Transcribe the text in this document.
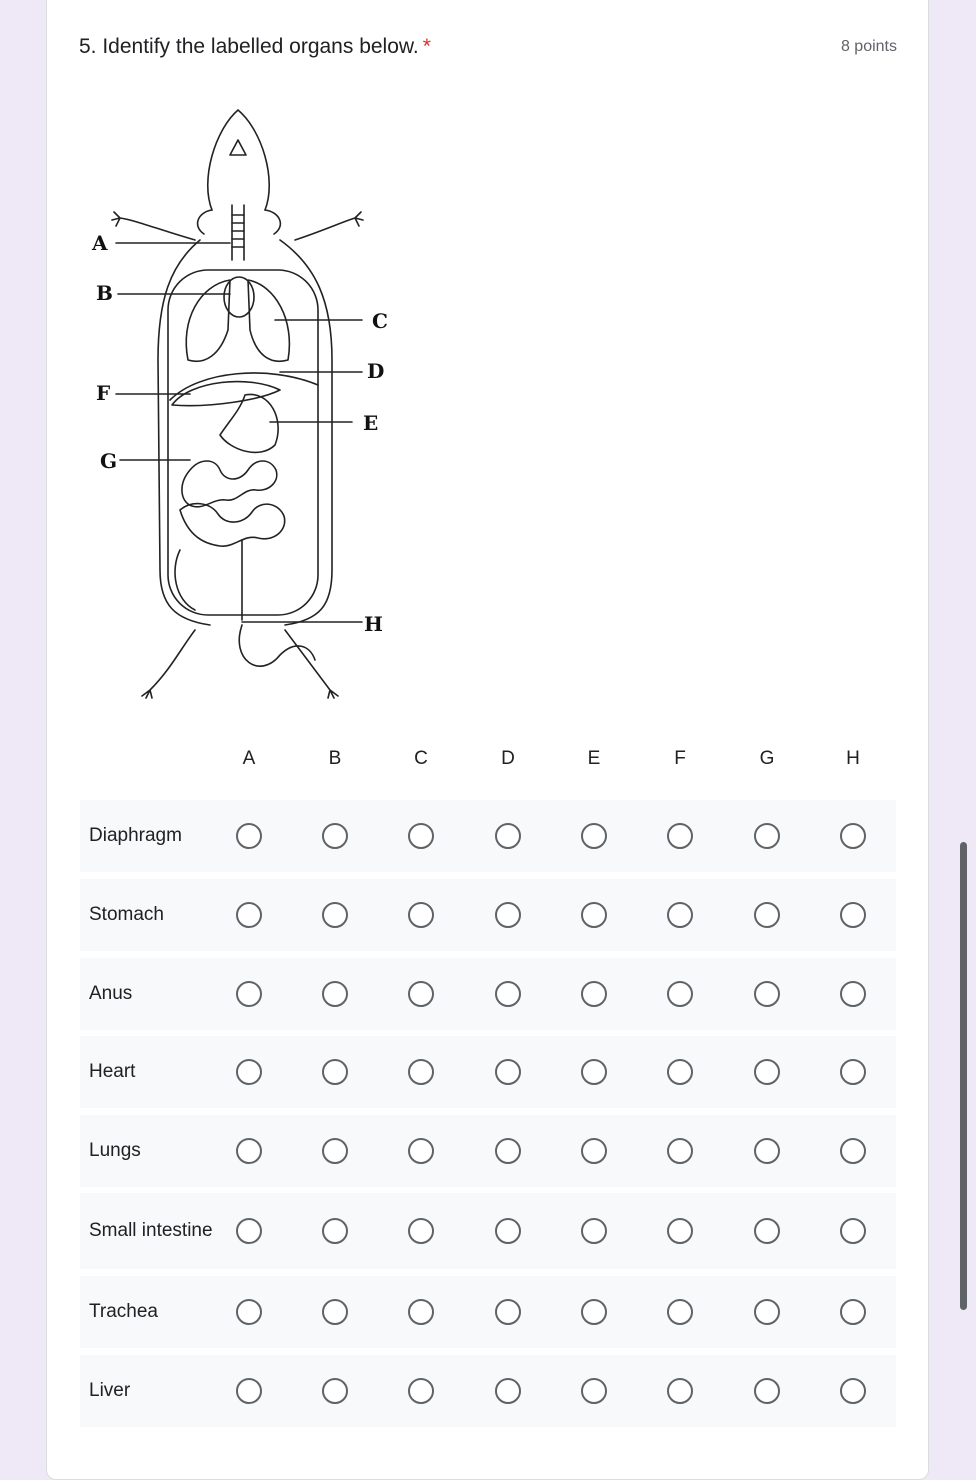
5. Identify the labelled organs below. *	8 points
A
B
C
D
E
F
G
H
A	B	C	D	E	F	G	H
Diaphragm
Stomach
Anus
Heart
Lungs
Small intestine
Trachea
Liver
